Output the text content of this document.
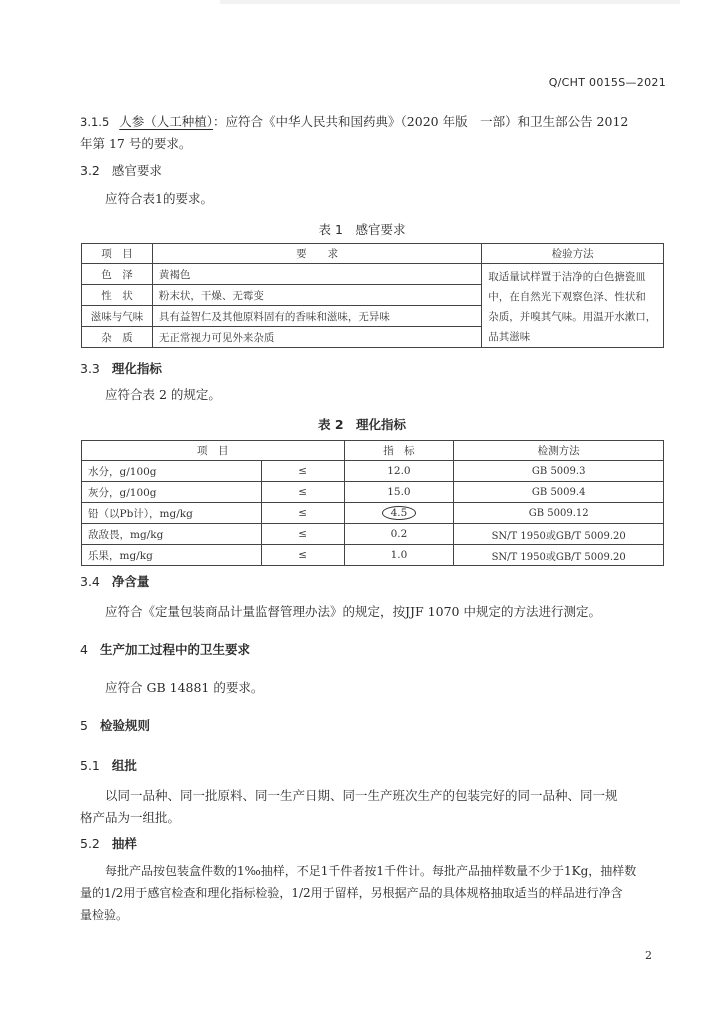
Q/CHT 0015S—2021
3.1.5 人参（人工种植）：应符合《中华人民共和国药典》（2020 年版　一部）和卫生部公告 2012
年第 17 号的要求。
3.2 感官要求
应符合表1的要求。
表 1　感官要求
项　目	要　　求	检验方法
色　泽	黄褐色	取适量试样置于洁净的白色搪瓷皿
中，在自然光下观察色泽、性状和
杂质，并嗅其气味。用温开水漱口，
品其滋味

性　状	粉末状，干燥、无霉变	
滋味与气味	具有益智仁及其他原料固有的香味和滋味，无异味	
杂　质	无正常视力可见外来杂质	
3.3 理化指标
应符合表 2 的规定。
表 2　理化指标
项　目		指　标	检测方法
水分，g/100g	≤	12.0	GB 5009.3
灰分，g/100g	≤	15.0	GB 5009.4
铅（以Pb计），mg/kg	≤	4.5	GB 5009.12
敌敌畏，mg/kg	≤	0.2	SN/T 1950或GB/T 5009.20
乐果，mg/kg	≤	1.0	SN/T 1950或GB/T 5009.20
3.4 净含量
应符合《定量包装商品计量监督管理办法》的规定，按JJF 1070 中规定的方法进行测定。
4 生产加工过程中的卫生要求
应符合 GB 14881 的要求。
5 检验规则
5.1 组批
以同一品种、同一批原料、同一生产日期、同一生产班次生产的包装完好的同一品种、同一规
格产品为一组批。
5.2 抽样
每批产品按包装盒件数的1‰抽样，不足1千件者按1千件计。每批产品抽样数量不少于1Kg，抽样数
量的1/2用于感官检查和理化指标检验，1/2用于留样，另根据产品的具体规格抽取适当的样品进行净含
量检验。
2
